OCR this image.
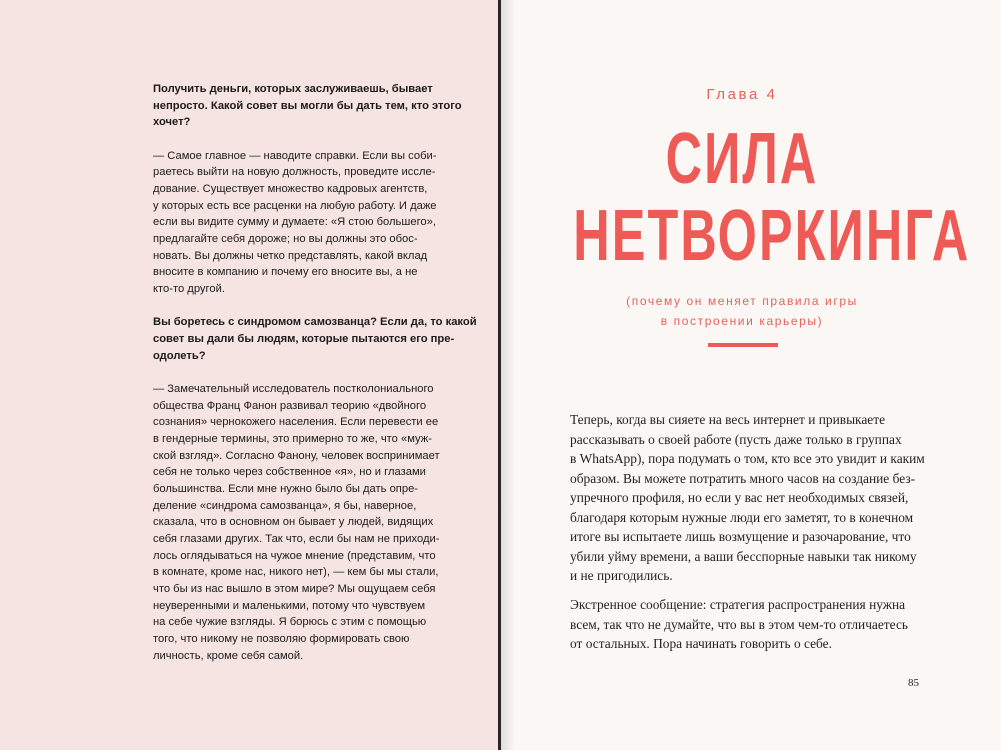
Получить деньги, которых заслуживаешь, бывает
непросто. Какой совет вы могли бы дать тем, кто этого
хочет?
— Самое главное — наводите справки. Если вы соби-
раетесь выйти на новую должность, проведите иссле-
дование. Существует множество кадровых агентств,
у которых есть все расценки на любую работу. И даже
если вы видите сумму и думаете: «Я стою большего»,
предлагайте себя дороже; но вы должны это обос-
новать. Вы должны четко представлять, какой вклад
вносите в компанию и почему его вносите вы, а не
кто-то другой.
Вы боретесь с синдромом самозванца? Если да, то какой
совет вы дали бы людям, которые пытаются его пре-
одолеть?
— Замечательный исследователь постколониального
общества Франц Фанон развивал теорию «двойного
сознания» чернокожего населения. Если перевести ее
в гендерные термины, это примерно то же, что «муж-
ской взгляд». Согласно Фанону, человек воспринимает
себя не только через собственное «я», но и глазами
большинства. Если мне нужно было бы дать опре-
деление «синдрома самозванца», я бы, наверное,
сказала, что в основном он бывает у людей, видящих
себя глазами других. Так что, если бы нам не приходи-
лось оглядываться на чужое мнение (представим, что
в комнате, кроме нас, никого нет), — кем бы мы стали,
что бы из нас вышло в этом мире? Мы ощущаем себя
неуверенными и маленькими, потому что чувствуем
на себе чужие взгляды. Я борюсь с этим с помощью
того, что никому не позволяю формировать свою
личность, кроме себя самой.
Глава 4
СИЛА
НЕТВОРКИНГА
(почему он меняет правила игры
в построении карьеры)
Теперь, когда вы сияете на весь интернет и привыкаете
рассказывать о своей работе (пусть даже только в группах
в WhatsApp), пора подумать о том, кто все это увидит и каким
образом. Вы можете потратить много часов на создание без-
упречного профиля, но если у вас нет необходимых связей,
благодаря которым нужные люди его заметят, то в конечном
итоге вы испытаете лишь возмущение и разочарование, что
убили уйму времени, а ваши бесспорные навыки так никому
и не пригодились.
Экстренное сообщение: стратегия распространения нужна
всем, так что не думайте, что вы в этом чем-то отличаетесь
от остальных. Пора начинать говорить о себе.
85
